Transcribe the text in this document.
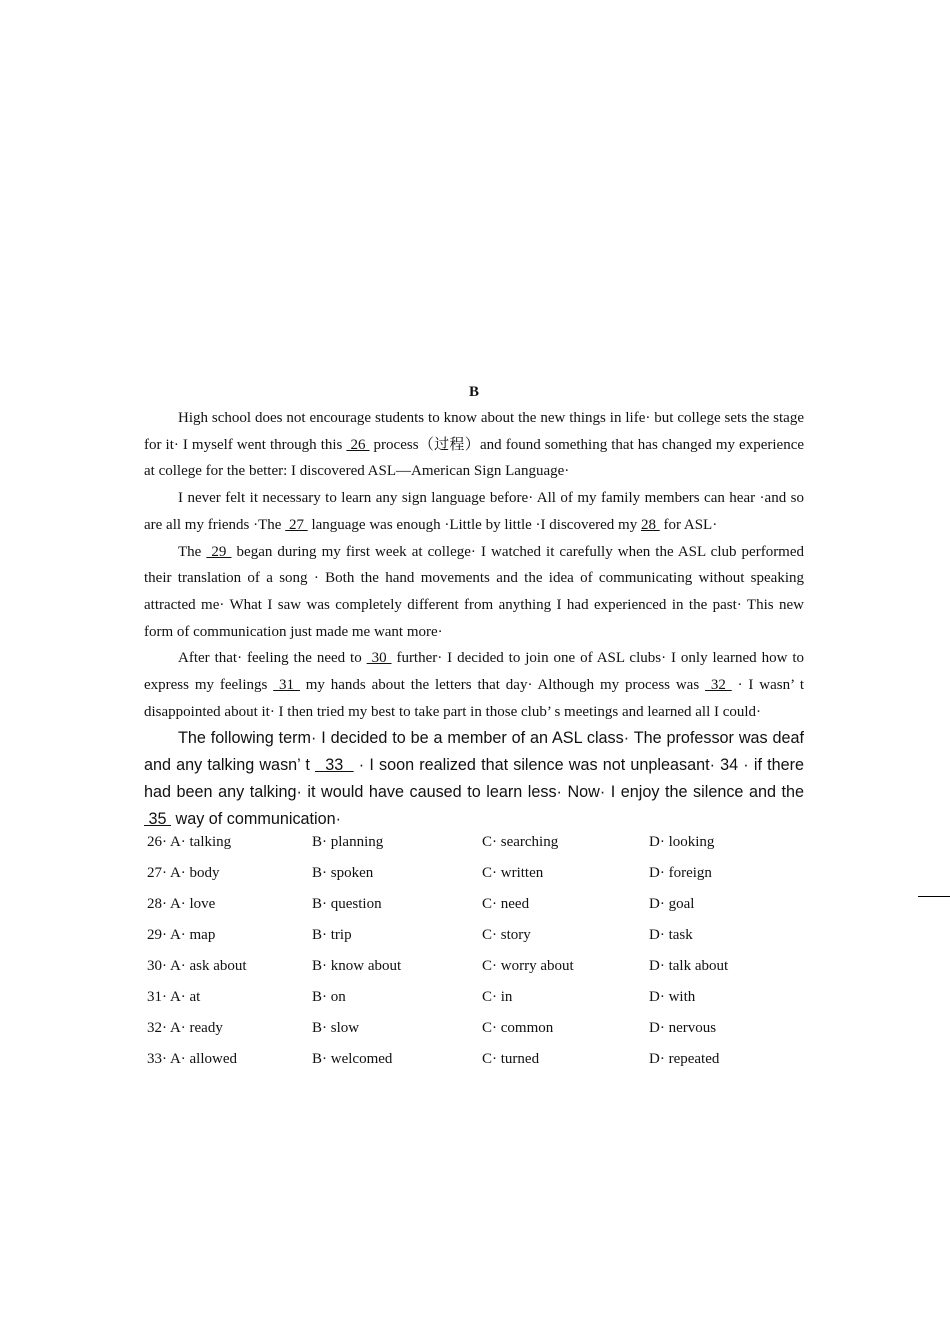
B

High school does not encourage students to know about the new things in life· but college sets the stage for it· I myself went through this  26  process（过程）and found something that has changed my experience at college for the better: I discovered ASL—American Sign Language·

I never felt it necessary to learn any sign language before· All of my family members can hear ·and so are all my friends ·The  27  language was enough ·Little by little ·I discovered my 28  for ASL·

The  29  began during my first week at college· I watched it carefully when the ASL club performed their translation of a song · Both the hand movements and the idea of communicating without speaking attracted me· What I saw was completely different from anything I had experienced in the past· This new form of communication just made me want more·

After that· feeling the need to  30  further· I decided to join one of ASL clubs· I only learned how to express my feelings  31  my hands about the letters that day· Although my process was  32  · I wasn’ t disappointed about it· I then tried my best to take part in those club’ s meetings and learned all I could·

The following term· I decided to be a member of an ASL class· The professor was deaf and any talking wasn’ t   33   · I soon realized that silence was not unpleasant· 34 · if there had been any talking· it would have caused to learn less· Now· I enjoy the silence and the  35  way of communication·

26· A· talking	B· planning	C· searching	D· looking
27· A· body	B· spoken	C· written	D· foreign
28· A· love	B· question	C· need	D· goal
29· A· map	B· trip	C· story	D· task
30· A· ask about	B· know about	C· worry about	D· talk about
31· A· at	B· on	C· in	D· with
32· A· ready	B· slow	C· common	D· nervous
33· A· allowed	B· welcomed	C· turned	D· repeated
